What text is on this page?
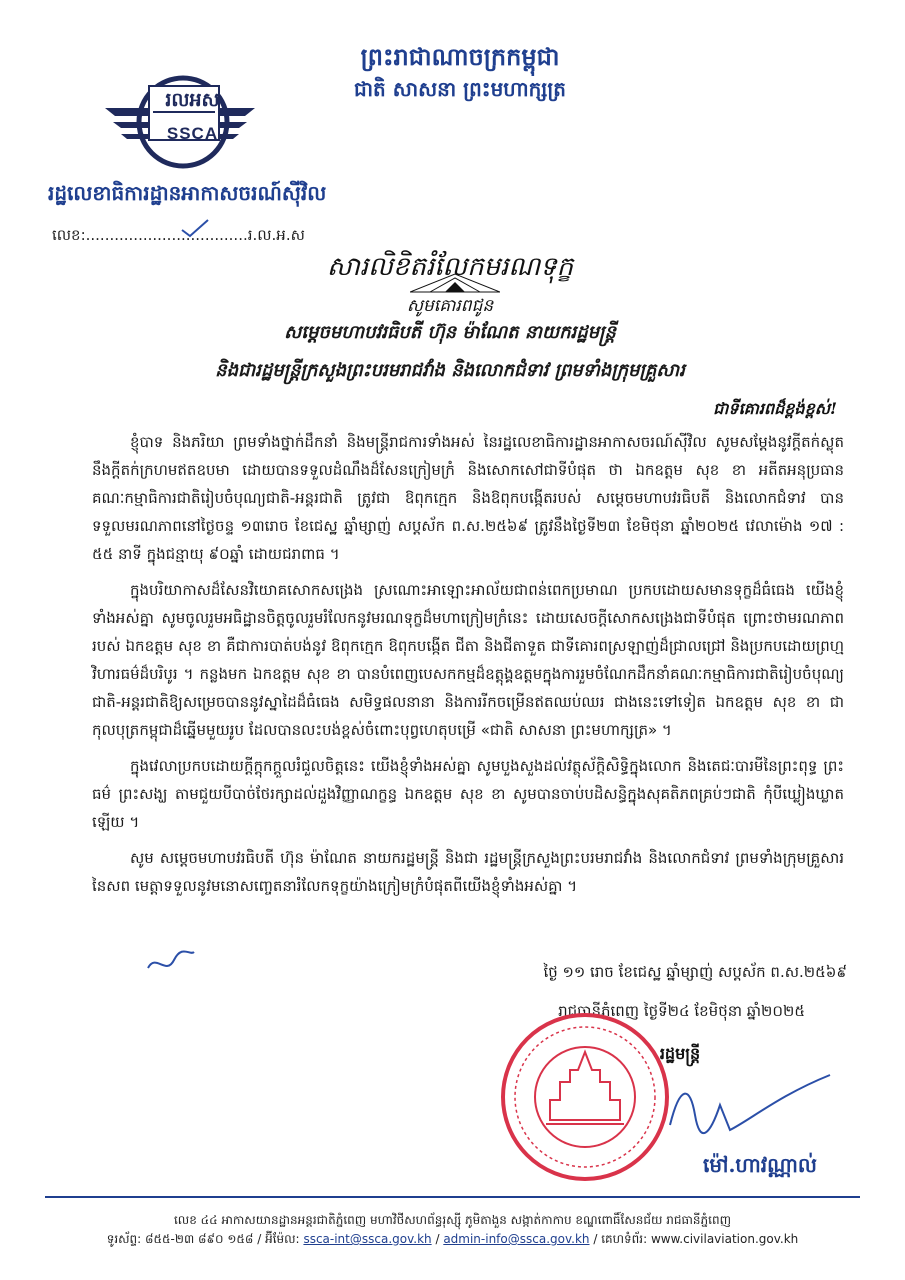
ព្រះរាជាណាចក្រកម្ពុជា
ជាតិ សាសនា ព្រះមហាក្សត្រ
រលអស
SSCA
រដ្ឋលេខាធិការដ្ឋានអាកាសចរណ៍ស៊ីវិល
លេខ:..................................រ.ល.អ.ស
សារលិខិតរំលែកមរណទុក្ខ
សូមគោរពជូន
សម្តេចមហាបវរធិបតី ហ៊ុន ម៉ាណែត នាយករដ្ឋមន្ត្រី
និងជារដ្ឋមន្ត្រីក្រសួងព្រះបរមរាជវាំង និងលោកជំទាវ ព្រមទាំងក្រុមគ្រួសារ
ជាទីគោរពដ៏ខ្ពង់ខ្ពស់!

ខ្ញុំបាទ និងភរិយា ព្រមទាំងថ្នាក់ដឹកនាំ និងមន្ត្រីរាជការទាំងអស់ នៃរដ្ឋលេខាធិការដ្ឋានអាកាសចរណ៍ស៊ីវិល សូមសម្តែងនូវក្តីតក់ស្លុតនឹងក្តីតក់ក្រហមឥតឧបមា ដោយបានទទួលដំណឹងដ៏សែនក្រៀមក្រំ និងសោកសៅជាទីបំផុត ថា ឯកឧត្តម សុខ ខា អតីតអនុប្រធានគណៈកម្មាធិការជាតិរៀបចំបុណ្យជាតិ-អន្តរជាតិ ត្រូវជា ឱពុកក្មេក និងឱពុកបង្កើតរបស់ សម្តេចមហាបវរធិបតី និងលោកជំទាវ បានទទួលមរណភាពនៅថ្ងៃចន្ទ ១៣រោច ខែជេស្ឋ ឆ្នាំម្សាញ់ សប្តស័ក ព.ស.២៥៦៩ ត្រូវនឹងថ្ងៃទី២៣ ខែមិថុនា ឆ្នាំ២០២៥ វេលាម៉ោង ១៧ : ៥៥ នាទី ក្នុងជន្មាយុ ៩០ឆ្នាំ ដោយជរាពាធ ។

ក្នុងបរិយាកាសដ៏សែនវិយោគសោកសង្រេង ស្រណោះអាឡោះអាល័យជាពន់ពេកប្រមាណ ប្រកបដោយសមានទុក្ខដ៏ធំធេង យើងខ្ញុំទាំងអស់គ្នា សូមចូលរួមអធិដ្ឋានចិត្តចូលរួមរំលែកនូវមរណទុក្ខដ៏មហាក្រៀមក្រំនេះ ដោយសេចក្តីសោកសង្រេងជាទីបំផុត ព្រោះថាមរណភាពរបស់ ឯកឧត្តម សុខ ខា គឺជាការបាត់បង់នូវ ឱពុកក្មេក ឱពុកបង្កើត ជីតា និងជីតាទួត ជាទីគោរពស្រឡាញ់ដ៏ជ្រាលជ្រៅ និងប្រកបដោយព្រហ្មវិហារធម៌ដ៏បរិបូរ ។ កន្លងមក ឯកឧត្តម សុខ ខា បានបំពេញបេសកកម្មដ៏ឧត្តុង្គឧត្តមក្នុងការរួមចំណែកដឹកនាំគណៈកម្មាធិការជាតិរៀបចំបុណ្យជាតិ-អន្តរជាតិឱ្យសម្រេចបាននូវស្នាដៃដ៏ធំធេង សមិទ្ធផលនានា និងការរីកចម្រើនឥតឈប់ឈរ ជាងនេះទៅទៀត ឯកឧត្តម សុខ ខា ជាកុលបុត្រកម្ពុជាដ៏ឆ្នើមមួយរូប ដែលបានលះបង់ខ្ពស់ចំពោះបុព្វហេតុបម្រើ «ជាតិ សាសនា ព្រះមហាក្សត្រ» ។

ក្នុងវេលាប្រកបដោយក្តីក្តុកក្តួលរំជួលចិត្តនេះ យើងខ្ញុំទាំងអស់គ្នា សូមបួងសួងដល់វត្ថុស័ក្តិសិទ្ធិក្នុងលោក និងតេជៈបារមីនៃព្រះពុទ្ធ ព្រះធម៌ ព្រះសង្ឃ តាមជួយបីបាច់ថែរក្សាដល់ដួងវិញ្ញាណក្ខន្ធ ឯកឧត្តម សុខ ខា សូមបានចាប់បដិសន្ធិក្នុងសុគតិភពគ្រប់ៗជាតិ កុំបីឃ្លៀងឃ្លាតឡើយ ។

សូម សម្តេចមហាបវរធិបតី ហ៊ុន ម៉ាណែត នាយករដ្ឋមន្ត្រី និងជា រដ្ឋមន្ត្រីក្រសួងព្រះបរមរាជវាំង និងលោកជំទាវ ព្រមទាំងក្រុមគ្រួសារនៃសព មេត្តាទទួលនូវមនោសញ្ចេតនារំលែកទុក្ខយ៉ាងក្រៀមក្រំបំផុតពីយើងខ្ញុំទាំងអស់គ្នា ។

ថ្ងៃ ១១ រោច ខែជេស្ឋ ឆ្នាំម្សាញ់ សប្តស័ក ព.ស.២៥៦៩
រាជធានីភ្នំពេញ ថ្ងៃទី២៤ ខែមិថុនា ឆ្នាំ២០២៥
រដ្ឋមន្ត្រី
ម៉ៅ.ហាវណ្ណាល់
លេខ ៤៤ អាកាសយានដ្ឋានអន្តរជាតិភ្នំពេញ មហាវិថីសហព័ន្ធរុស្ស៊ី ភូមិតាងួន សង្កាត់កាកាប ខណ្ឌពោធិ៍សែនជ័យ រាជធានីភ្នំពេញ
ទូរស័ព្ទ: ៨៥៥-២៣ ៨៩០ ១៥៨ / អ៊ីម៉ែល: ssca-int@ssca.gov.kh / admin-info@ssca.gov.kh / គេហទំព័រ: www.civilaviation.gov.kh
